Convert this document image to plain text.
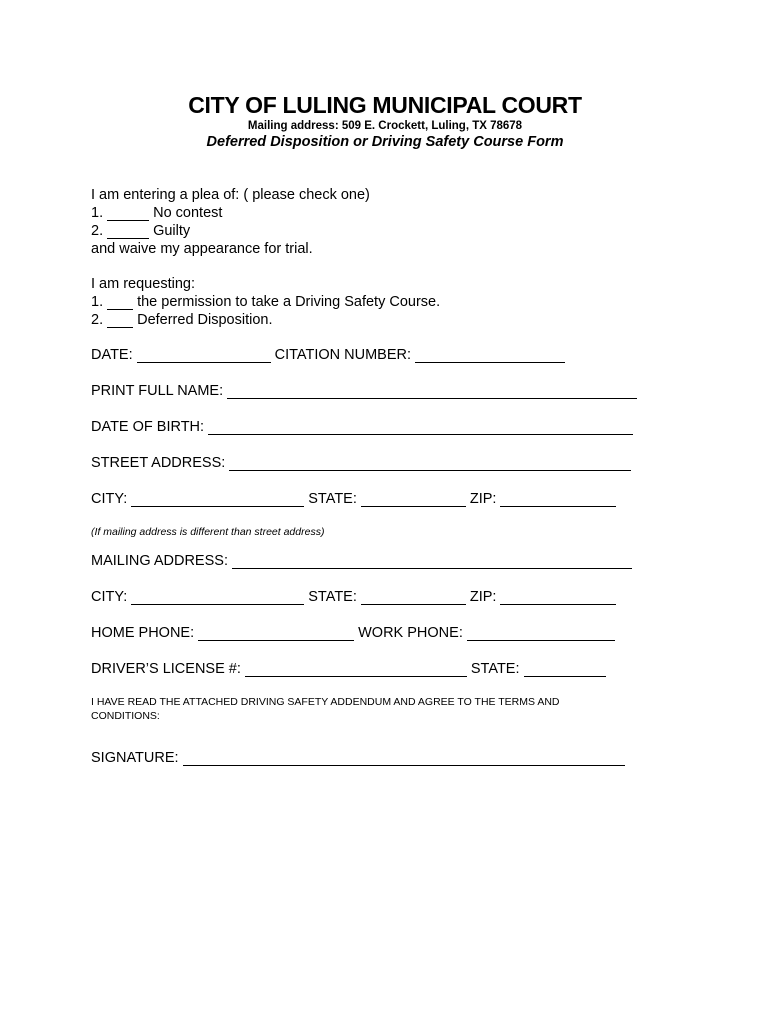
CITY OF LULING MUNICIPAL COURT
Mailing address: 509 E. Crockett, Luling, TX 78678
Deferred Disposition or Driving Safety Course Form
I am entering a plea of: ( please check one)
1.	No contest
2.	Guilty
and waive my appearance for trial.
I am requesting:
1. the permission to take a Driving Safety Course.
2. Deferred Disposition.
DATE:	CITATION NUMBER:
PRINT FULL NAME:
DATE OF BIRTH:
STREET ADDRESS:
CITY:	STATE:	ZIP:
(If mailing address is different than street address)
MAILING ADDRESS:
CITY:	STATE:	ZIP:
HOME PHONE:	WORK PHONE:
DRIVER’S LICENSE #:	STATE:
I HAVE READ THE ATTACHED DRIVING SAFETY ADDENDUM AND AGREE TO THE TERMS AND CONDITIONS:
SIGNATURE:
